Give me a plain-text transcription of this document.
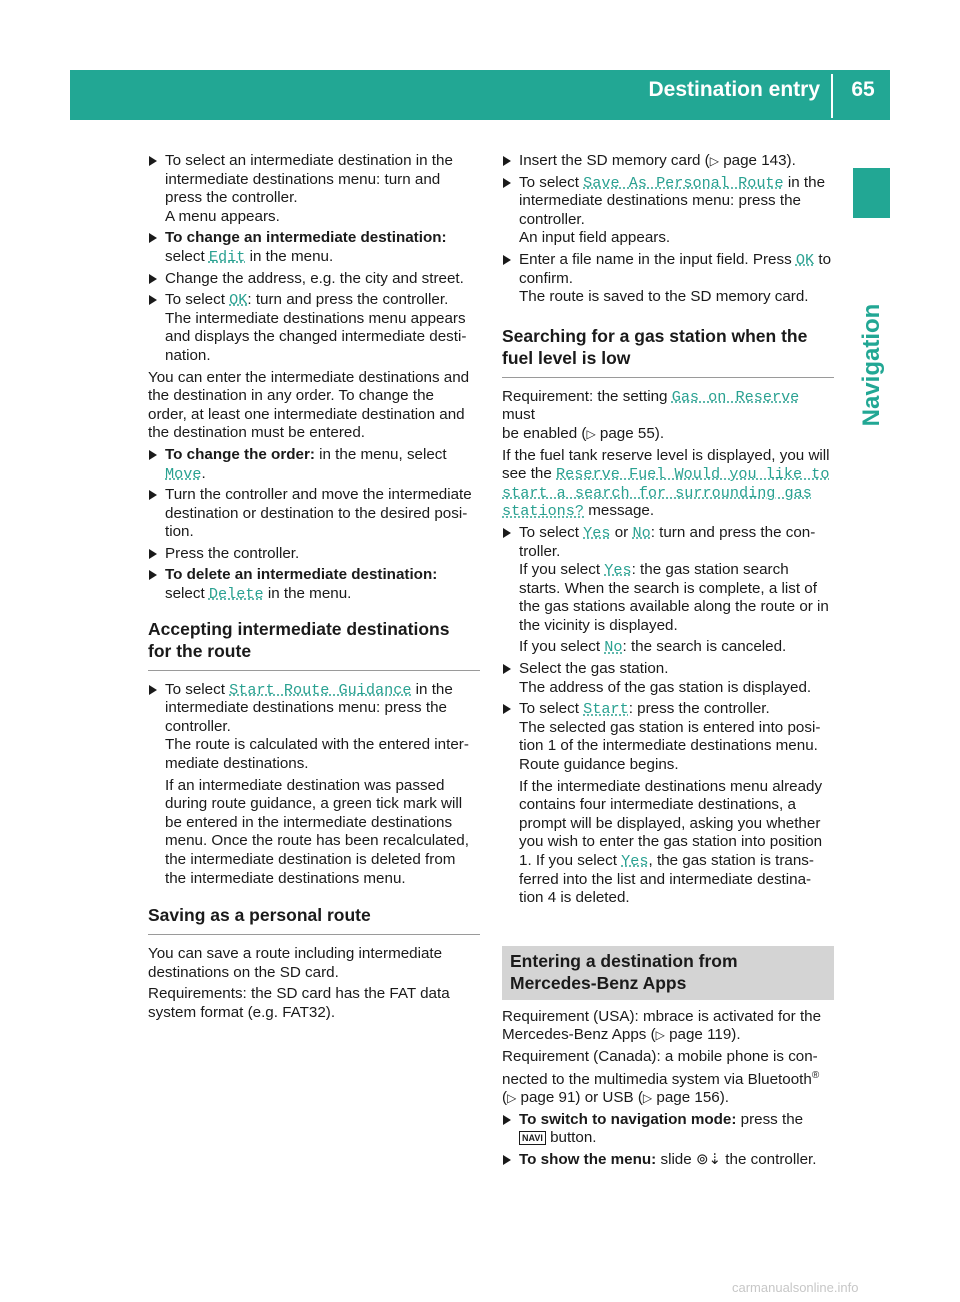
Destination entry	65
Navigation
To select an intermediate destination in the
intermediate destinations menu: turn and
press the controller.
A menu appears.
To change an intermediate destination:
select Edit in the menu.
Change the address, e.g. the city and street.
To select OK: turn and press the controller.
The intermediate destinations menu appears
and displays the changed intermediate desti-
nation.
You can enter the intermediate destinations and
the destination in any order. To change the
order, at least one intermediate destination and
the destination must be entered.
To change the order: in the menu, select
Move.
Turn the controller and move the intermediate
destination or destination to the desired posi-
tion.
Press the controller.
To delete an intermediate destination:
select Delete in the menu.
Accepting intermediate destinations
for the route
To select Start Route Guidance in the
intermediate destinations menu: press the
controller.
The route is calculated with the entered inter-
mediate destinations.
If an intermediate destination was passed
during route guidance, a green tick mark will
be entered in the intermediate destinations
menu. Once the route has been recalculated,
the intermediate destination is deleted from
the intermediate destinations menu.
Saving as a personal route
You can save a route including intermediate
destinations on the SD card.
Requirements: the SD card has the FAT data
system format (e.g. FAT32).
Insert the SD memory card (▷ page 143).
To select Save As Personal Route in the
intermediate destinations menu: press the
controller.
An input field appears.
Enter a file name in the input field. Press OK to
confirm.
The route is saved to the SD memory card.
Searching for a gas station when the
fuel level is low
Requirement: the setting Gas on Reserve must
be enabled (▷ page 55).
If the fuel tank reserve level is displayed, you will
see the Reserve Fuel Would you like to
start a search for surrounding gas
stations? message.
To select Yes or No: turn and press the con-
troller.
If you select Yes: the gas station search
starts. When the search is complete, a list of
the gas stations available along the route or in
the vicinity is displayed.
If you select No: the search is canceled.
Select the gas station.
The address of the gas station is displayed.
To select Start: press the controller.
The selected gas station is entered into posi-
tion 1 of the intermediate destinations menu.
Route guidance begins.
If the intermediate destinations menu already
contains four intermediate destinations, a
prompt will be displayed, asking you whether
you wish to enter the gas station into position
1. If you select Yes, the gas station is trans-
ferred into the list and intermediate destina-
tion 4 is deleted.
Entering a destination from
Mercedes-Benz Apps
Requirement (USA): mbrace is activated for the
Mercedes-Benz Apps (▷ page 119).
Requirement (Canada): a mobile phone is con-
nected to the multimedia system via Bluetooth®
(▷ page 91) or USB (▷ page 156).
To switch to navigation mode: press the
NAVI button.
To show the menu: slide ⊚⇣ the controller.
carmanualsonline.info
